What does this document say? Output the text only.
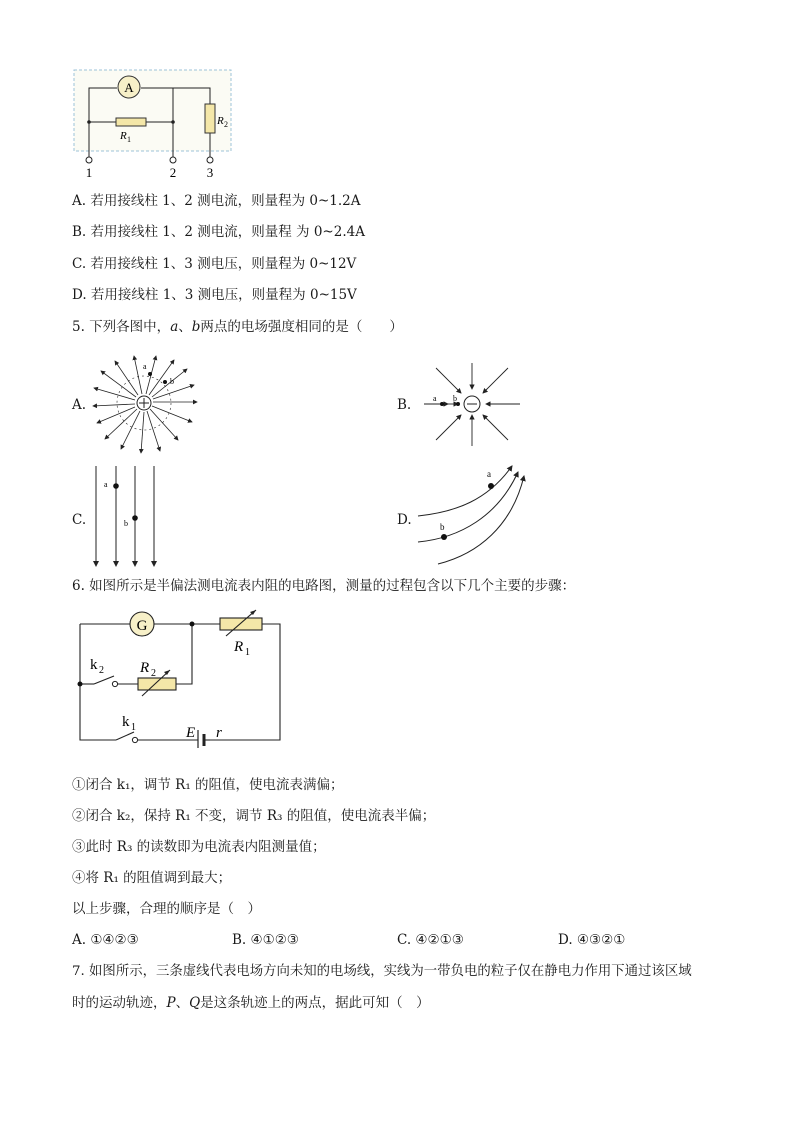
A
R 1
R 2
1	2 3
A. 若用接线柱 1、2 测电流，则量程为 0~1.2A
B. 若用接线柱 1、2 测电流，则量程 为 0~2.4A
C. 若用接线柱 1、3 测电压，则量程为 0~12V
D. 若用接线柱 1、3 测电压，则量程为 0~15V
5. 下列各图中，a、b两点的电场强度相同的是（　　）
A.
a
b
B.	a b
C.
a
b	D.
a
b
6. 如图所示是半偏法测电流表内阻的电路图，测量的过程包含以下几个主要的步骤：
G
R 1
k 2 R 2
k 1	E r
①闭合 k₁，调节 R₁ 的阻值，使电流表满偏；
②闭合 k₂，保持 R₁ 不变，调节 R₃ 的阻值，使电流表半偏；
③此时 R₃ 的读数即为电流表内阻测量值；
④将 R₁ 的阻值调到最大；
以上步骤，合理的顺序是（　）
A. ①④②③	B. ④①②③	C. ④②①③	D. ④③②①
7. 如图所示，三条虚线代表电场方向未知的电场线，实线为一带负电的粒子仅在静电力作用下通过该区域
时的运动轨迹，P、Q是这条轨迹上的两点，据此可知（　）
